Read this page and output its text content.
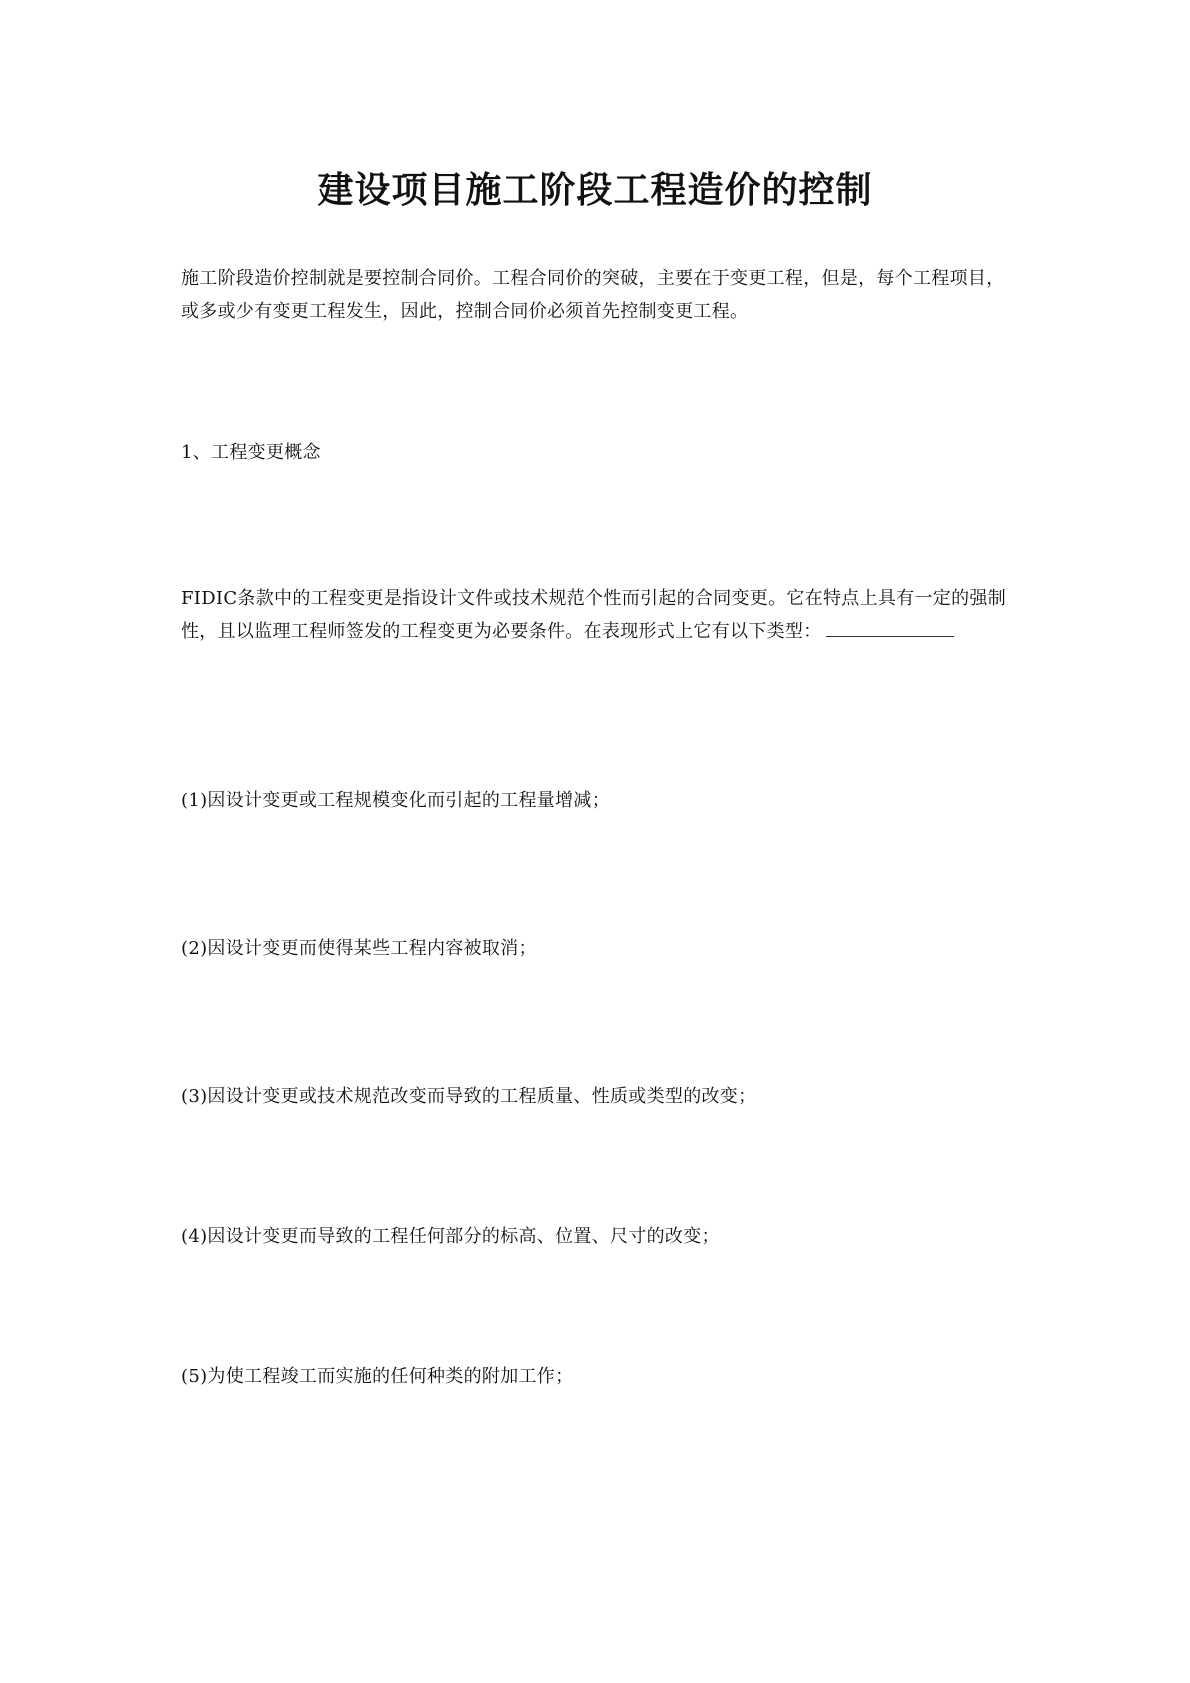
建设项目施工阶段工程造价的控制

施工阶段造价控制就是要控制合同价。工程合同价的突破，主要在于变更工程，但是，每个工程项目，或多或少有变更工程发生，因此，控制合同价必须首先控制变更工程。

1、工程变更概念

FIDIC条款中的工程变更是指设计文件或技术规范个性而引起的合同变更。它在特点上具有一定的强制性，且以监理工程师签发的工程变更为必要条件。在表现形式上它有以下类型：

(1)因设计变更或工程规模变化而引起的工程量增减；

(2)因设计变更而使得某些工程内容被取消；

(3)因设计变更或技术规范改变而导致的工程质量、性质或类型的改变；

(4)因设计变更而导致的工程任何部分的标高、位置、尺寸的改变；

(5)为使工程竣工而实施的任何种类的附加工作；
